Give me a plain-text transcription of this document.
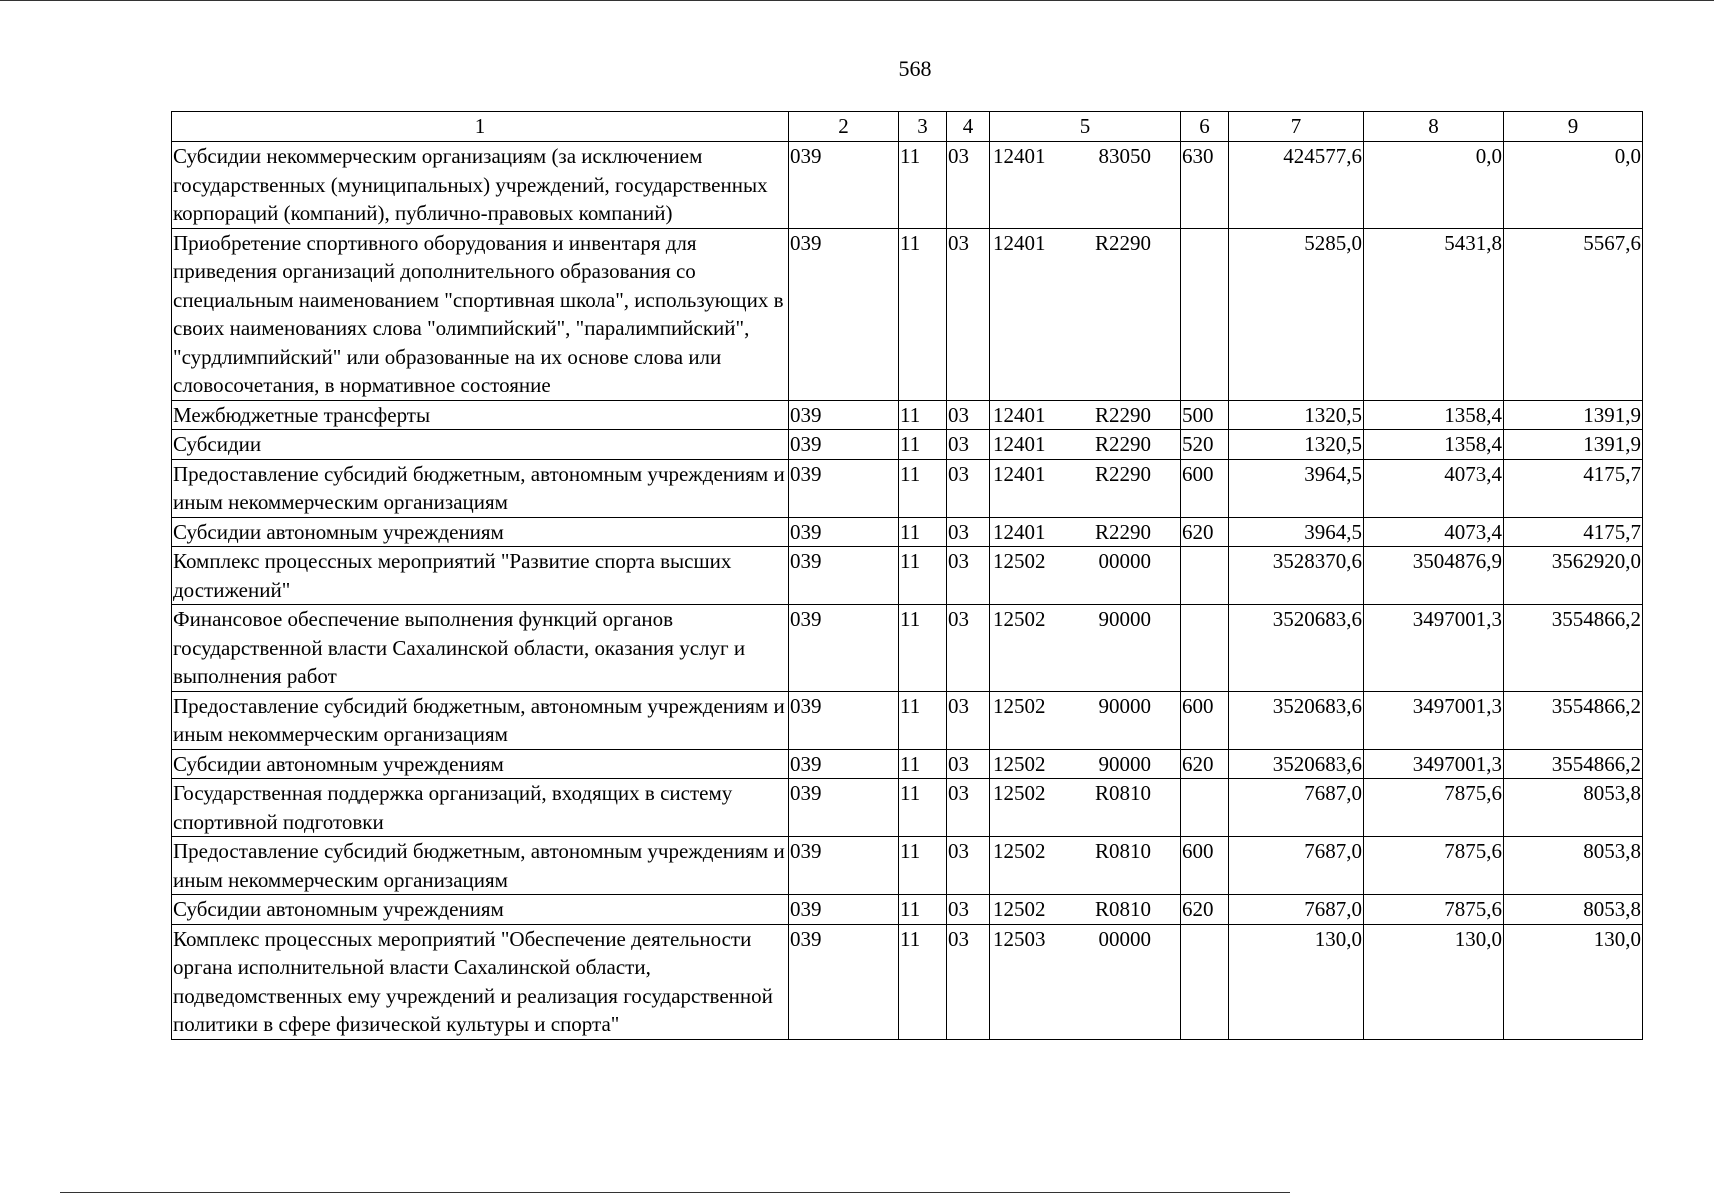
568
1	2	3	4	5	6	7	8	9
Субсидии некоммерческим организациям (за исключением государственных (муниципальных) учреждений, государственных корпораций (компаний), публично-правовых компаний)	039	11	03	12401 83050	630	424577,6	0,0	0,0
Приобретение спортивного оборудования и инвентаря для приведения организаций дополнительного образования со специальным наименованием "спортивная школа", использующих в своих наименованиях слова "олимпийский", "паралимпийский", "сурдлимпийский" или образованные на их основе слова или словосочетания, в нормативное состояние	039	11	03	12401 R2290		5285,0	5431,8	5567,6
Межбюджетные трансферты	039	11	03	12401 R2290	500	1320,5	1358,4	1391,9
Субсидии	039	11	03	12401 R2290	520	1320,5	1358,4	1391,9
Предоставление субсидий бюджетным, автономным учреждениям и иным некоммерческим организациям	039	11	03	12401 R2290	600	3964,5	4073,4	4175,7
Субсидии автономным учреждениям	039	11	03	12401 R2290	620	3964,5	4073,4	4175,7
Комплекс процессных мероприятий "Развитие спорта высших достижений"	039	11	03	12502 00000		3528370,6	3504876,9	3562920,0
Финансовое обеспечение выполнения функций органов государственной власти Сахалинской области, оказания услуг и выполнения работ	039	11	03	12502 90000		3520683,6	3497001,3	3554866,2
Предоставление субсидий бюджетным, автономным учреждениям и иным некоммерческим организациям	039	11	03	12502 90000	600	3520683,6	3497001,3	3554866,2
Субсидии автономным учреждениям	039	11	03	12502 90000	620	3520683,6	3497001,3	3554866,2
Государственная поддержка организаций, входящих в систему спортивной подготовки	039	11	03	12502 R0810		7687,0	7875,6	8053,8
Предоставление субсидий бюджетным, автономным учреждениям и иным некоммерческим организациям	039	11	03	12502 R0810	600	7687,0	7875,6	8053,8
Субсидии автономным учреждениям	039	11	03	12502 R0810	620	7687,0	7875,6	8053,8
Комплекс процессных мероприятий "Обеспечение деятельности органа исполнительной власти Сахалинской области, подведомственных ему учреждений и реализация государственной политики в сфере физической культуры и спорта"	039	11	03	12503 00000		130,0	130,0	130,0
